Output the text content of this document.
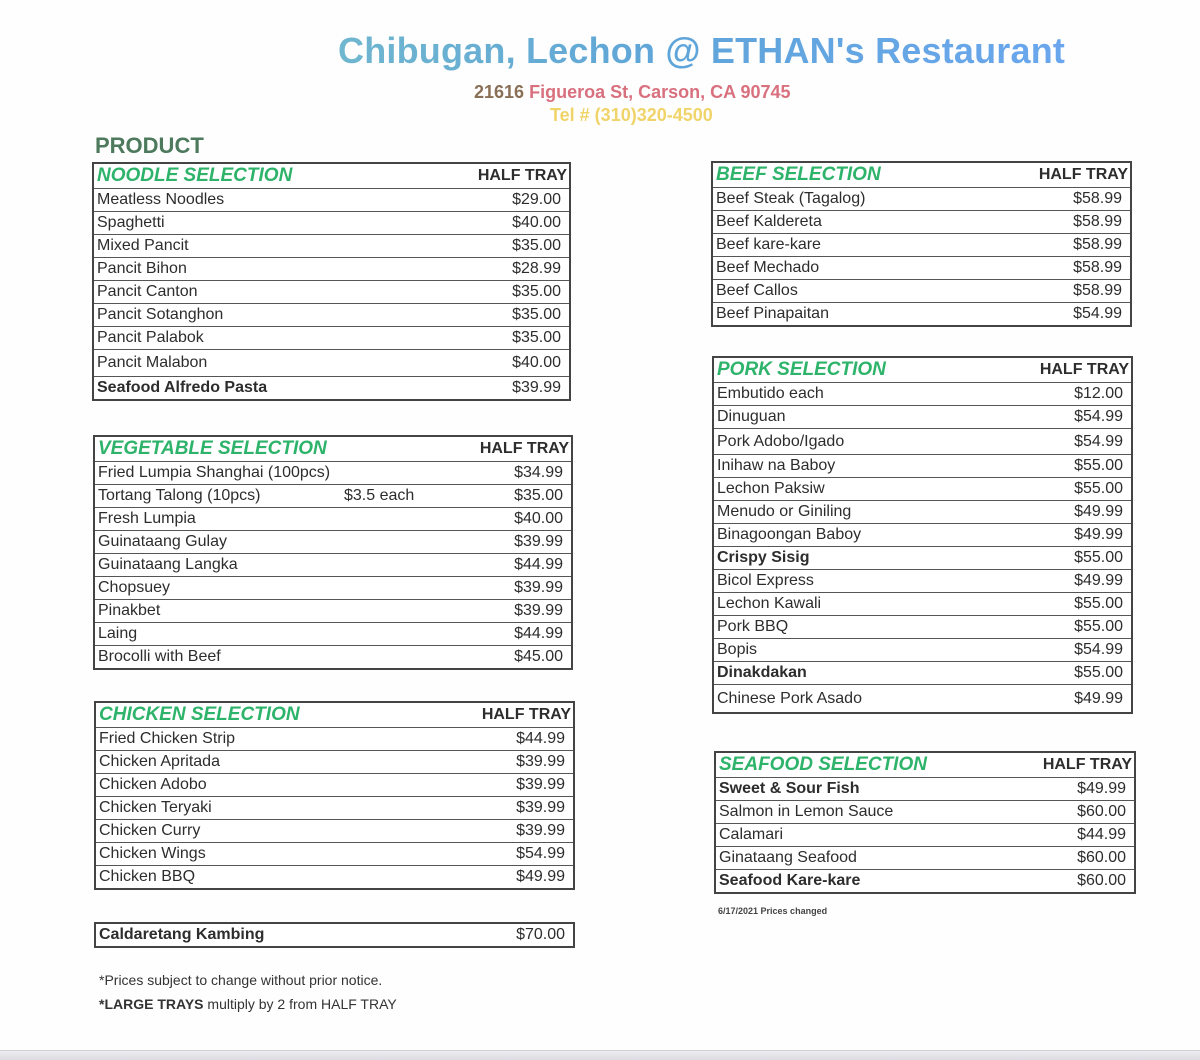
Chibugan, Lechon @ ETHAN's Restaurant
21616 Figueroa St, Carson, CA 90745
Tel # (310)320-4500
PRODUCT
NOODLE SELECTION	HALF TRAY
Meatless Noodles	$29.00
Spaghetti	$40.00
Mixed Pancit	$35.00
Pancit Bihon	$28.99
Pancit Canton	$35.00
Pancit Sotanghon	$35.00
Pancit Palabok	$35.00
Pancit Malabon	$40.00
Seafood Alfredo Pasta	$39.99
VEGETABLE SELECTION		HALF TRAY
Fried Lumpia Shanghai (100pcs)		$34.99
Tortang Talong (10pcs)	$3.5 each	$35.00
Fresh Lumpia		$40.00
Guinataang Gulay		$39.99
Guinataang Langka		$44.99
Chopsuey		$39.99
Pinakbet		$39.99
Laing		$44.99
Brocolli with Beef		$45.00
CHICKEN SELECTION	HALF TRAY
Fried Chicken Strip	$44.99
Chicken Apritada	$39.99
Chicken Adobo	$39.99
Chicken Teryaki	$39.99
Chicken Curry	$39.99
Chicken Wings	$54.99
Chicken BBQ	$49.99
Caldaretang Kambing	$70.00
*Prices subject to change without prior notice.
*LARGE TRAYS multiply by 2 from HALF TRAY
BEEF SELECTION	HALF TRAY
Beef Steak (Tagalog)	$58.99
Beef Kaldereta	$58.99
Beef kare-kare	$58.99
Beef Mechado	$58.99
Beef Callos	$58.99
Beef Pinapaitan	$54.99
PORK SELECTION	HALF TRAY
Embutido each	$12.00
Dinuguan	$54.99
Pork Adobo/Igado	$54.99
Inihaw na Baboy	$55.00
Lechon Paksiw	$55.00
Menudo or Giniling	$49.99
Binagoongan Baboy	$49.99
Crispy Sisig	$55.00
Bicol Express	$49.99
Lechon Kawali	$55.00
Pork BBQ	$55.00
Bopis	$54.99
Dinakdakan	$55.00
Chinese Pork Asado	$49.99
SEAFOOD SELECTION	HALF TRAY
Sweet & Sour Fish	$49.99
Salmon in Lemon Sauce	$60.00
Calamari	$44.99
Ginataang Seafood	$60.00
Seafood Kare-kare	$60.00
6/17/2021 Prices changed
